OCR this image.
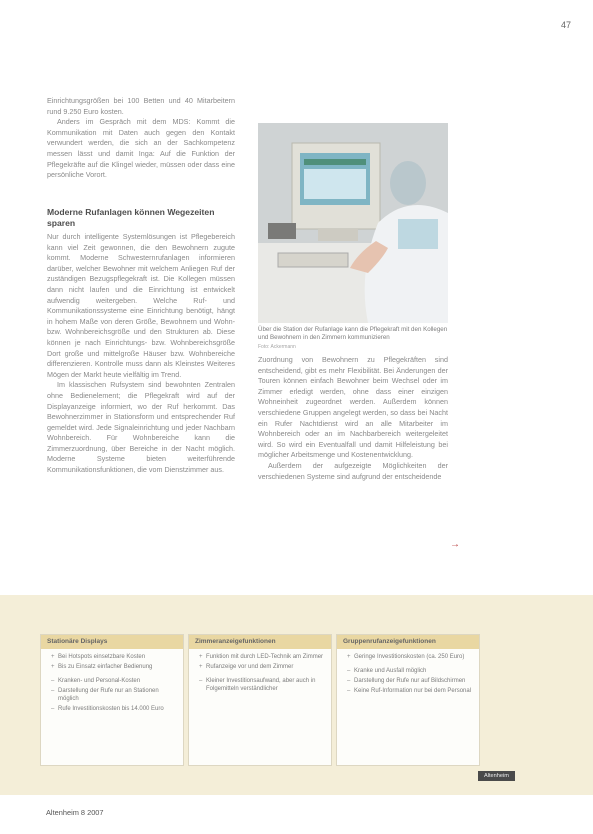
47

Einrichtungsgrößen bei 100 Betten und 40 Mitarbeitern rund 9.250 Euro kosten.

Anders im Gespräch mit dem MDS: Kommt die Kommunikation mit Daten auch gegen den Kontakt verwundert werden, die sich an der Sachkompetenz messen lässt und damit Inga: Auf die Funktion der Pflegekräfte auf die Klingel wieder, müssen oder dass eine persönliche Vorort.

Moderne Rufanlagen können Wegezeiten sparen

Nur durch intelligente Systemlösungen ist Pflegebereich kann viel Zeit gewonnen, die den Bewohnern zugute kommt. Moderne Schwesternrufanlagen informieren darüber, welcher Bewohner mit welchem Anliegen Ruf der zuständigen Bezugspflegekraft ist. Die Kollegen müssen dann nicht laufen und die Einrichtung ist entwickelt aufwendig weitergeben. Welche Ruf- und Kommunikationssysteme eine Einrichtung benötigt, hängt in hohem Maße von deren Größe, Bewohnern und Wohn- bzw. Wohnbereichsgröße und den Strukturen ab. Diese können je nach Einrichtungs- bzw. Wohnbereichsgröße Dort große und mittelgroße Häuser bzw. Wohnbereiche differenzieren. Kontrolle muss dann als Kleinstes Weiteres Mögen der Markt heute vielfältig im Trend.

Im klassischen Rufsystem sind bewohnten Zentralen ohne Bedienelement; die Pflegekraft wird auf der Displayanzeige informiert, wo der Ruf herkommt. Das Bewohnerzimmer in Stationsform und entsprechender Ruf gemeldet wird. Jede Signaleinrichtung und jeder Nachbarn Wohnbereich. Für Wohnbereiche kann die Zimmerzuordnung, über Bereiche in der Nacht möglich. Moderne Systeme bieten weiterführende Kommunikationsfunktionen, die vom Dienstzimmer aus.

Über die Station der Rufanlage kann die Pflegekraft mit den Kollegen und Bewohnern in den Zimmern kommunizieren
Foto: Ackermann

Zuordnung von Bewohnern zu Pflegekräften sind entscheidend, gibt es mehr Flexibilität. Bei Änderungen der Touren können einfach Bewohner beim Wechsel oder im Zimmer erledigt werden, ohne dass einer einzigen Wohneinheit zugeordnet werden. Außerdem können verschiedene Gruppen angelegt werden, so dass bei Nacht ein Rufer Nachtdienst wird an alle Mitarbeiter im Wohnbereich oder an im Nachbarbereich weitergeleitet wird. So wird ein Eventualfall und damit Hilfeleistung bei möglicher Arbeitsmenge und Kostenentwicklung.

Außerdem der aufgezeigte Möglichkeiten der verschiedenen Systeme sind aufgrund der entscheidende

→
Stationäre Displays
+ Bei Hotspots einsetzbare Kosten
+ Bis zu Einsatz einfacher Bedienung
– Kranken- und Personal-Kosten
– Darstellung der Rufe nur an Stationen möglich
– Rufe Investitionskosten bis 14.000 Euro
Zimmeranzeigefunktionen
+ Funktion mit durch LED-Technik am Zimmer
+ Rufanzeige vor und dem Zimmer
– Kleiner Investitionsaufwand, aber auch in Folgemitteln verständlicher
Gruppenrufanzeigefunktionen
+ Geringe Investitionskosten (ca. 250 Euro)
– Kranke und Ausfall möglich
– Darstellung der Rufe nur auf Bildschirmen
– Keine Ruf-Information nur bei dem Personal
Altenheim
Altenheim 8 2007
